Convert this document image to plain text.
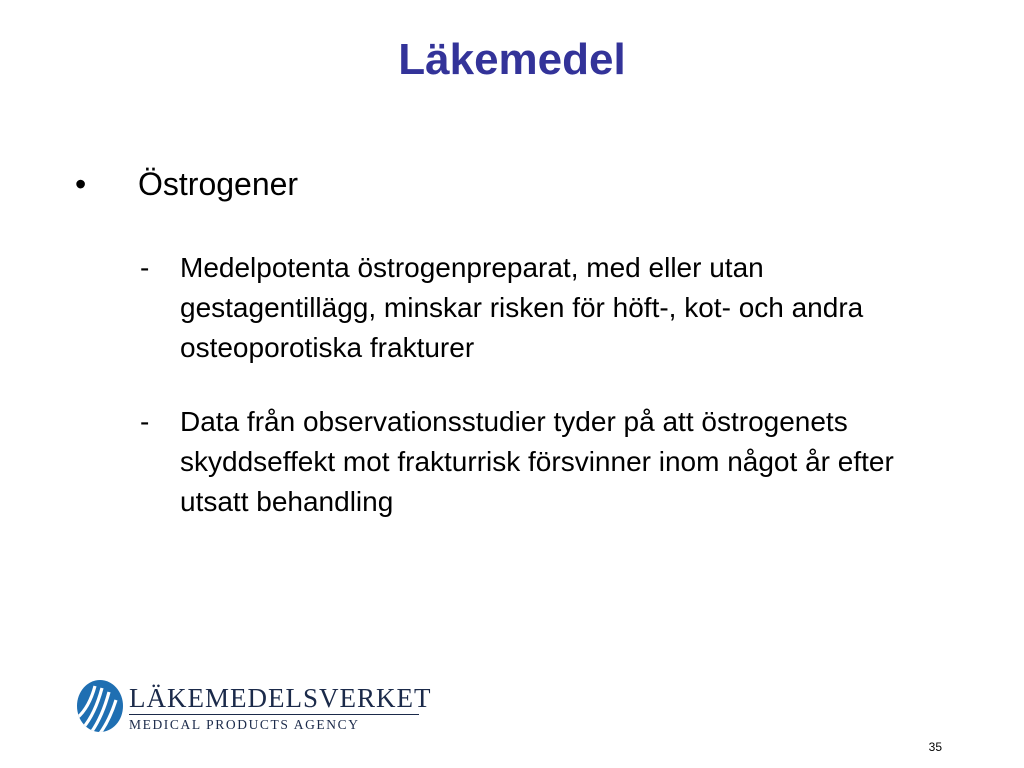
Läkemedel
•	Östrogener
-	Medelpotenta östrogenpreparat, med eller utan gestagentillägg, minskar risken för höft-, kot- och andra osteoporotiska frakturer
-	Data från observationsstudier tyder på att östrogenets skyddseffekt mot frakturrisk försvinner inom något år efter utsatt behandling
LÄKEMEDELSVERKET
MEDICAL PRODUCTS AGENCY
35
